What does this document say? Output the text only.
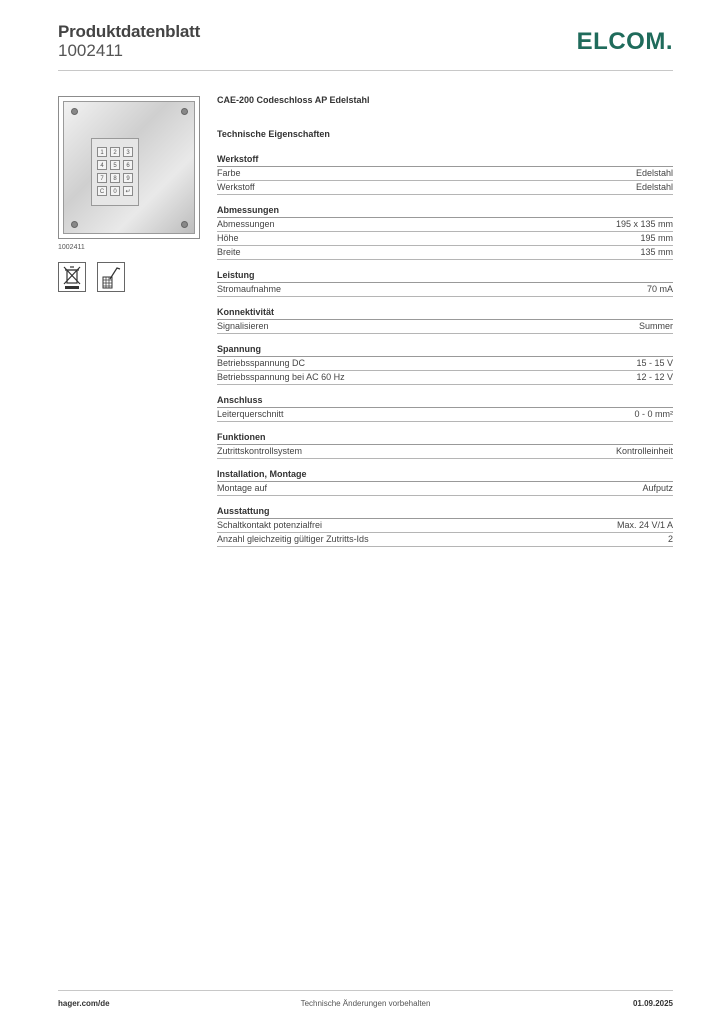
Produktdatenblatt
1002411	ELCOM.
1	2	3
4	5	6
7	8	9
C	0	↵
1002411
CAE-200 Codeschloss AP Edelstahl
Technische Eigenschaften
Werkstoff
Farbe	Edelstahl
Werkstoff	Edelstahl
Abmessungen
Abmessungen	195 x 135 mm
Höhe	195 mm
Breite	135 mm
Leistung
Stromaufnahme	70 mA
Konnektivität
Signalisieren	Summer
Spannung
Betriebsspannung DC	15 - 15 V
Betriebsspannung bei AC 60 Hz	12 - 12 V
Anschluss
Leiterquerschnitt	0 - 0 mm²
Funktionen
Zutrittskontrollsystem	Kontrolleinheit
Installation, Montage
Montage auf	Aufputz
Ausstattung
Schaltkontakt potenzialfrei	Max. 24 V/1 A
Anzahl gleichzeitig gültiger Zutritts-Ids	2
hager.com/de	Technische Änderungen vorbehalten	01.09.2025
